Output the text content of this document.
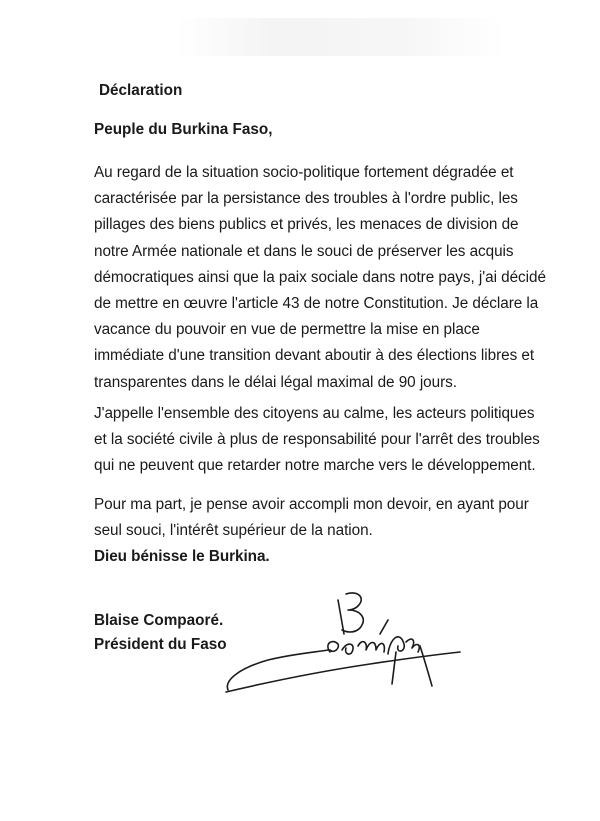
Déclaration
Peuple du Burkina Faso,
Au regard de la situation socio-politique fortement dégradée et
caractérisée par la persistance des troubles à l'ordre public, les
pillages des biens publics et privés, les menaces de division de
notre Armée nationale et dans le souci de préserver les acquis
démocratiques ainsi que la paix sociale dans notre pays, j'ai décidé
de mettre en œuvre l'article 43 de notre Constitution. Je déclare la
vacance du pouvoir en vue de permettre la mise en place
immédiate d'une transition devant aboutir à des élections libres et
transparentes dans le délai légal maximal de 90 jours.
J'appelle l'ensemble des citoyens au calme, les acteurs politiques
et la société civile à plus de responsabilité pour l'arrêt des troubles
qui ne peuvent que retarder notre marche vers le développement.
Pour ma part, je pense avoir accompli mon devoir, en ayant pour
seul souci, l'intérêt supérieur de la nation.
Dieu bénisse le Burkina.
Blaise Compaoré.
Président du Faso
